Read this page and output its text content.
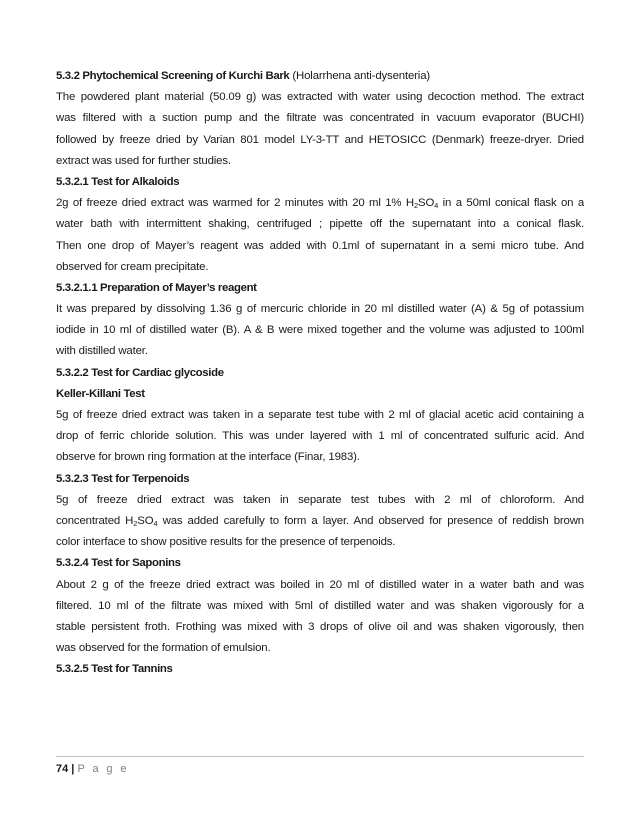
5.3.2 Phytochemical Screening of Kurchi Bark (Holarrhena anti-dysenteria)
The powdered plant material (50.09 g) was extracted with water using decoction method. The extract
was filtered with a suction pump and the filtrate was concentrated in vacuum evaporator (BUCHI)
followed by freeze dried by Varian 801 model LY-3-TT and HETOSICC (Denmark) freeze-dryer. Dried
extract was used for further studies.
5.3.2.1 Test for Alkaloids
2g of freeze dried extract was warmed for 2 minutes with 20 ml 1% $H_2SO_4$ in a 50ml conical flask on a
water bath with intermittent shaking, centrifuged ; pipette off the supernatant into a conical flask.
Then one drop of Mayer’s reagent was added with 0.1ml of supernatant in a semi micro tube. And
observed for cream precipitate.
5.3.2.1.1 Preparation of Mayer’s reagent
It was prepared by dissolving 1.36 g of mercuric chloride in 20 ml distilled water (A) & 5g of potassium
iodide in 10 ml of distilled water (B). A & B were mixed together and the volume was adjusted to 100ml
with distilled water.
5.3.2.2 Test for Cardiac glycoside
Keller-Killani Test
5g of freeze dried extract was taken in a separate test tube with 2 ml of glacial acetic acid containing a
drop of ferric chloride solution. This was under layered with 1 ml of concentrated sulfuric acid. And
observe for brown ring formation at the interface (Finar, 1983).
5.3.2.3 Test for Terpenoids
5g of freeze dried extract was taken in separate test tubes with 2 ml of chloroform. And
concentrated $H_2SO_4$ was added carefully to form a layer. And observed for presence of reddish brown
color interface to show positive results for the presence of terpenoids.
5.3.2.4 Test for Saponins
About 2 g of the freeze dried extract was boiled in 20 ml of distilled water in a water bath and was
filtered. 10 ml of the filtrate was mixed with 5ml of distilled water and was shaken vigorously for a
stable persistent froth. Frothing was mixed with 3 drops of olive oil and was shaken vigorously, then
was observed for the formation of emulsion.
5.3.2.5 Test for Tannins
74 | P a g e
